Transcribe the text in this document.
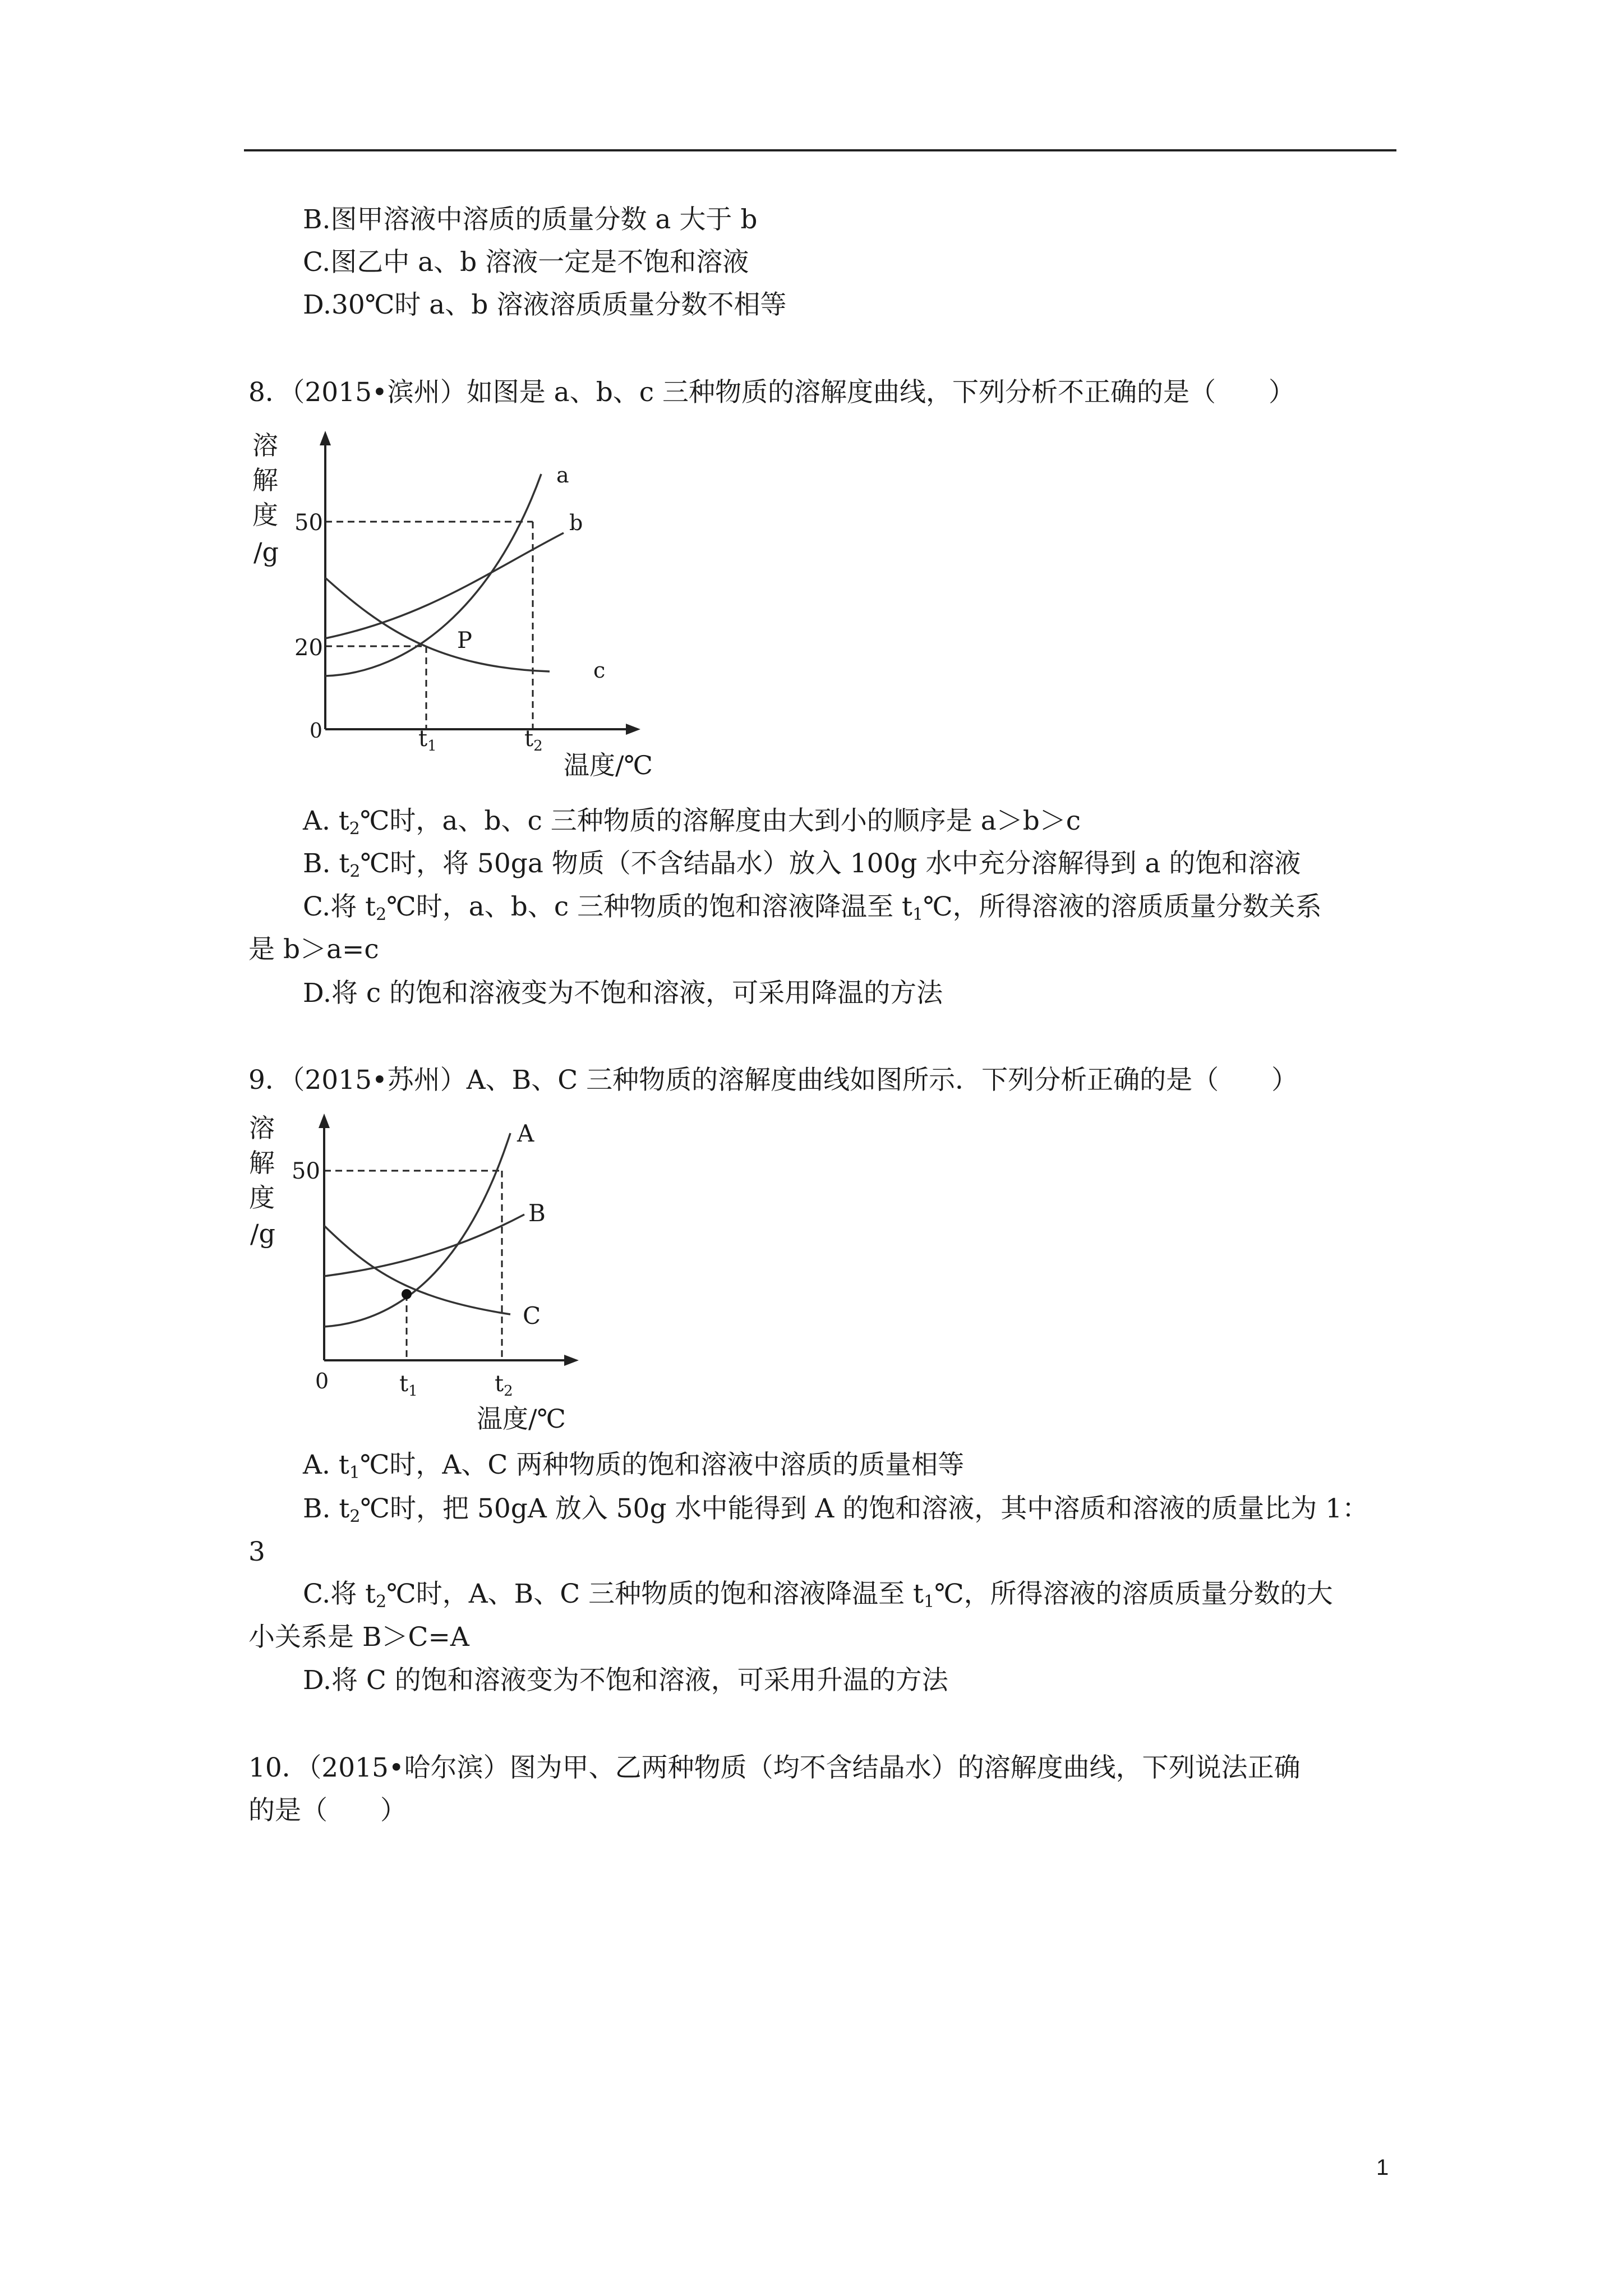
B.图甲溶液中溶质的质量分数 a 大于 b
C.图乙中 a、b 溶液一定是不饱和溶液
D.30℃时 a、b 溶液溶质质量分数不相等
8．（2015•滨州）如图是 a、b、c 三种物质的溶解度曲线，下列分析不正确的是（　　）
溶
解
度
/g
50
20
0	$t_1$	$t_2$
a
b
c
P
温度/℃
A. $t_2℃$时，a、b、c 三种物质的溶解度由大到小的顺序是 a＞b＞c
B. $t_2℃$时，将 50ga 物质（不含结晶水）放入 100g 水中充分溶解得到 a 的饱和溶液
C.将 $t_2℃$时，a、b、c 三种物质的饱和溶液降温至 $t_1℃$，所得溶液的溶质质量分数关系
是 b＞a=c
D.将 c 的饱和溶液变为不饱和溶液，可采用降温的方法
9．（2015•苏州）A、B、C 三种物质的溶解度曲线如图所示．下列分析正确的是（　　）
溶
解
度
/g
50
0	$t_1$	$t_2$
A
B
C
温度/℃
A. $t_1℃$时，A、C 两种物质的饱和溶液中溶质的质量相等
B. $t_2℃$时，把 50gA 放入 50g 水中能得到 A 的饱和溶液，其中溶质和溶液的质量比为 1：
3
C.将 $t_2℃$时，A、B、C 三种物质的饱和溶液降温至 $t_1℃$，所得溶液的溶质质量分数的大
小关系是 B＞C=A
D.将 C 的饱和溶液变为不饱和溶液，可采用升温的方法
10．（2015•哈尔滨）图为甲、乙两种物质（均不含结晶水）的溶解度曲线，下列说法正确
的是（　　）
1
